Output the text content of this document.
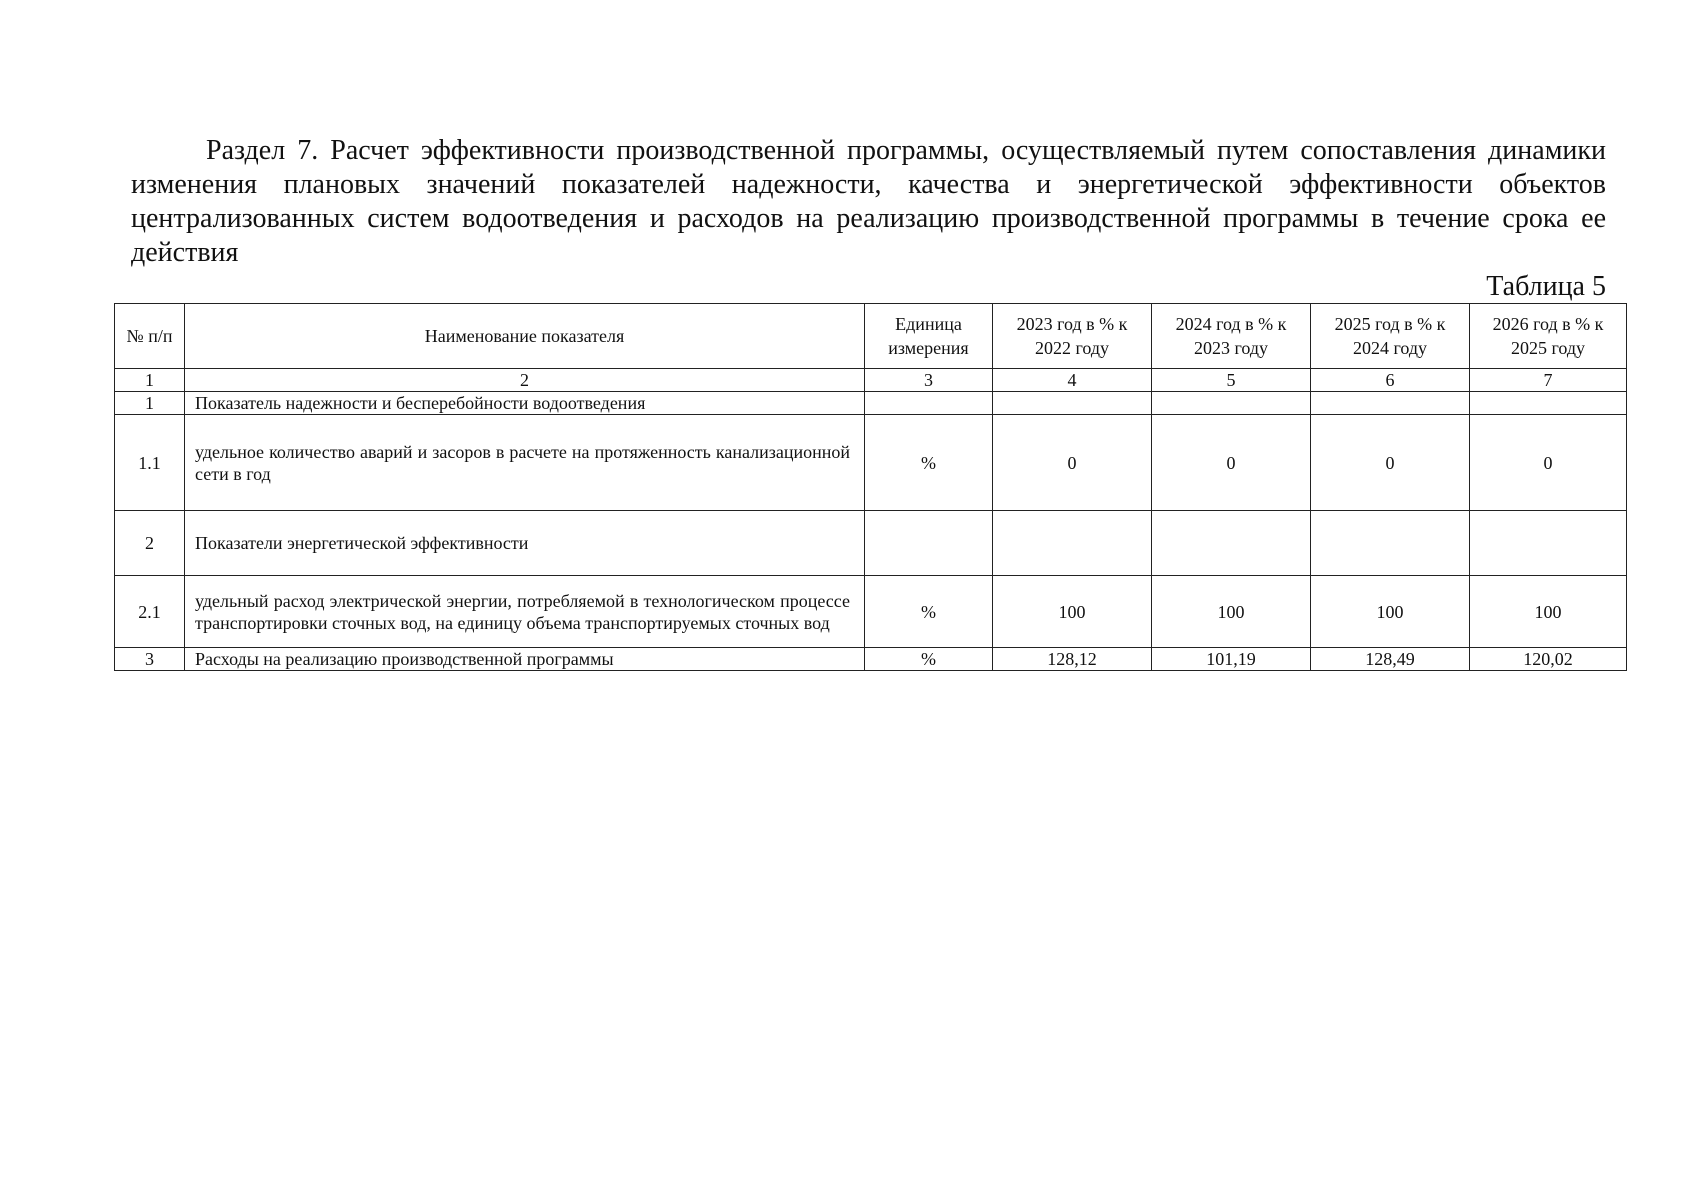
Раздел 7. Расчет эффективности производственной программы, осуществляемый путем сопоставления динамики изменения плановых значений показателей надежности, качества и энергетической эффективности объектов централизованных систем водоотведения и расходов на реализацию производственной программы в течение срока ее действия
Таблица 5
№ п/п	Наименование показателя	Единица измерения	2023 год в % к 2022 году	2024 год в % к 2023 году	2025 год в % к 2024 году	2026 год в % к 2025 году
1	2	3	4	5	6	7
1	Показатель надежности и бесперебойности водоотведения					
1.1	удельное количество аварий и засоров в расчете на протяженность канализационной сети в год	%	0	0	0	0
2	Показатели энергетической эффективности					
2.1	удельный расход электрической энергии, потребляемой в технологическом процессе транспортировки сточных вод, на единицу объема транспортируемых сточных вод	%	100	100	100	100
3	Расходы на реализацию производственной программы	%	128,12	101,19	128,49	120,02
